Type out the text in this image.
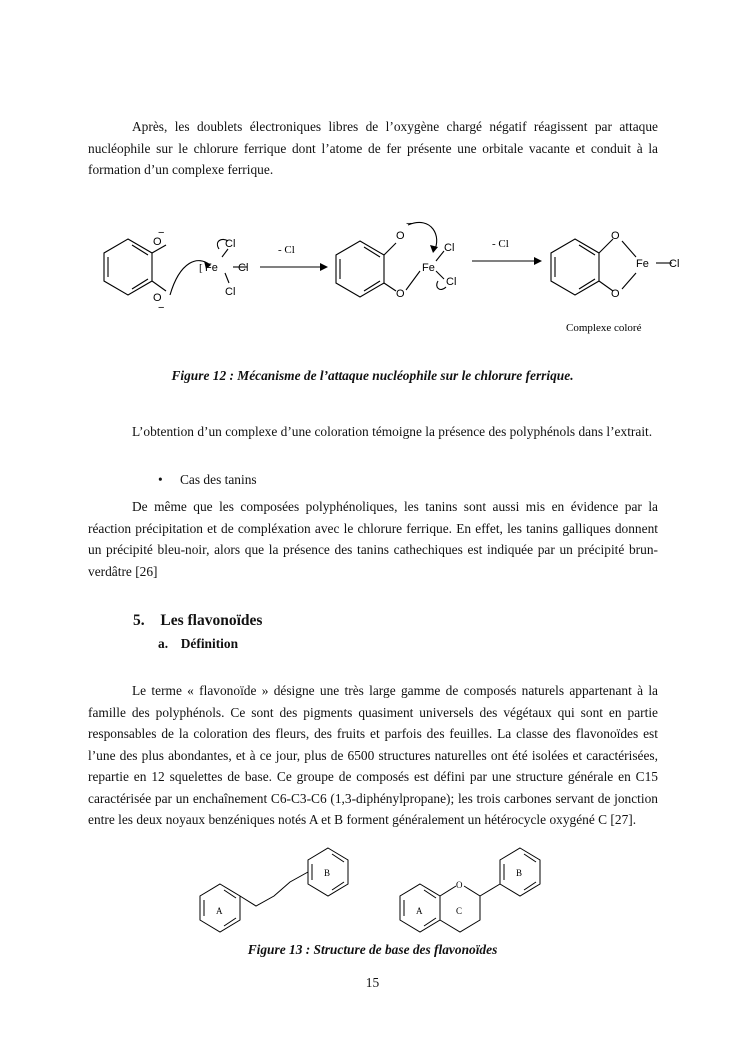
Après, les doublets électroniques libres de l’oxygène chargé négatif réagissent par attaque nucléophile sur le chlorure ferrique dont l’atome de fer présente une orbitale vacante et conduit à la formation d’un complexe ferrique.

O
−
O
−
[ Fe
Cl
Cl
Cl
- Cl
O
−
O
Fe
Cl
Cl
- Cl
O
O
Fe Cl
Complexe coloré

Figure 12 : Mécanisme de l’attaque nucléophile sur le chlorure ferrique.

L’obtention d’un complexe d’une coloration témoigne la présence des polyphénols dans l’extrait.

• Cas des tanins

De même que les composées polyphénoliques, les tanins sont aussi mis en évidence par la réaction précipitation et de compléxation avec le chlorure ferrique. En effet, les tanins galliques donnent un précipité bleu-noir, alors que la présence des tanins cathechiques est indiquée par un précipité brun-verdâtre [26]

5. Les flavonoïdes
a. Définition

Le terme « flavonoïde » désigne une très large gamme de composés naturels appartenant à la famille des polyphénols. Ce sont des pigments quasiment universels des végétaux qui sont en partie responsables de la coloration des fleurs, des fruits et parfois des feuilles. La classe des flavonoïdes est l’une des plus abondantes, et à ce jour, plus de 6500 structures naturelles ont été isolées et caractérisées, repartie en 12 squelettes de base. Ce groupe de composés est défini par une structure générale en C15 caractérisée par un enchaînement C6-C3-C6 (1,3-diphénylpropane); les trois carbones servant de jonction entre les deux noyaux benzéniques notés A et B forment généralement un hétérocycle oxygéné C [27].

A
B
A	C
O
B

Figure 13 : Structure de base des flavonoïdes

15
